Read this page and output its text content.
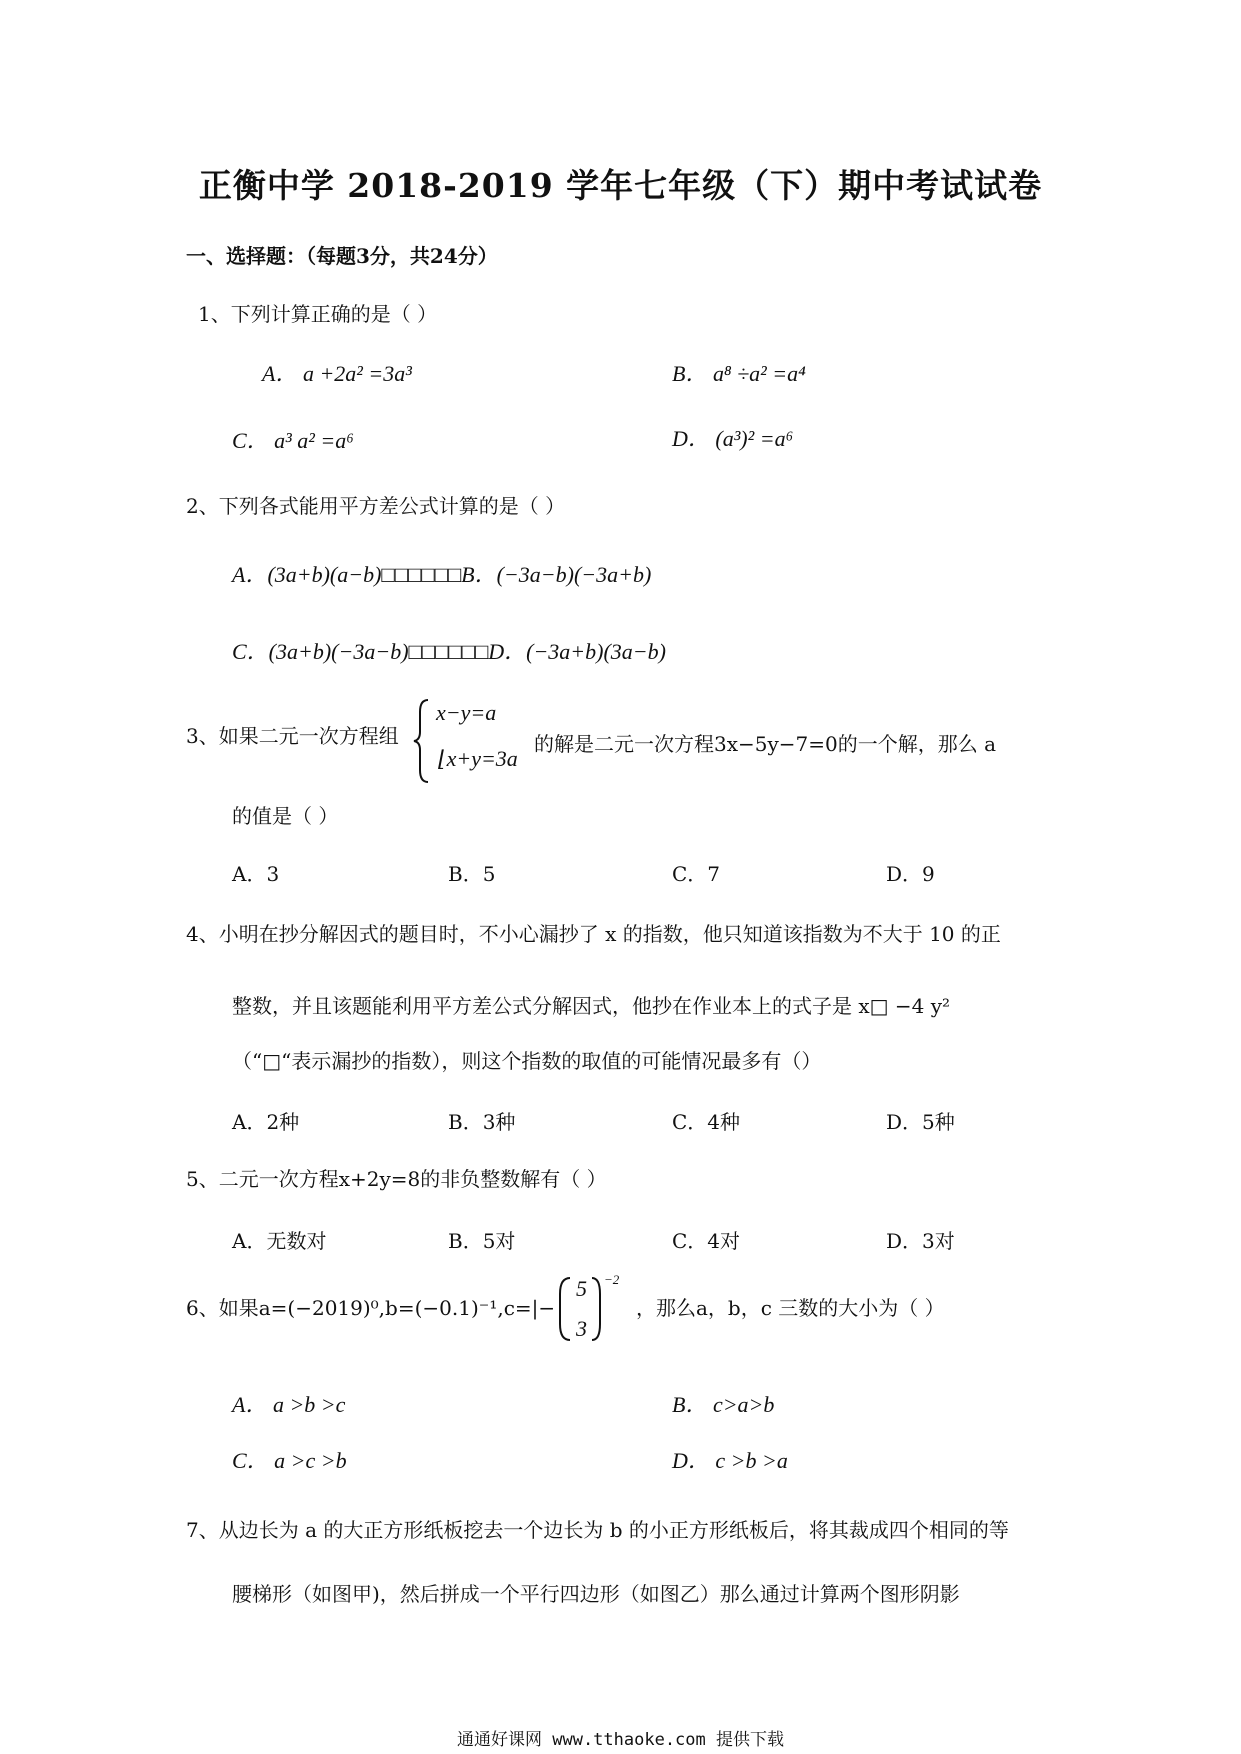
正衡中学 2018-2019 学年七年级（下）期中考试试卷
一、选择题：（每题3分，共24分）
1、下列计算正确的是（ ）
A． a +2a² =3a³	B． a⁸ ÷a² =a⁴
C． a³ a² =a⁶	D． (a³)² =a⁶
2、下列各式能用平方差公式计算的是（ ）
A．(3a+b)(a−b)□□□□□□B．(−3a−b)(−3a+b)
C．(3a+b)(−3a−b)□□□□□□D．(−3a+b)(3a−b)
3、如果二元一次方程组
x−y=a
⌊x+y=3a
的解是二元一次方程3x−5y−7=0的一个解，那么 a
的值是（ ）
A．3	B．5	C．7	D．9
4、小明在抄分解因式的题目时，不小心漏抄了 x 的指数，他只知道该指数为不大于 10 的正
整数，并且该题能利用平方差公式分解因式，他抄在作业本上的式子是 x□ −4 y²
（“□“表示漏抄的指数），则这个指数的取值的可能情况最多有（）
A．2种	B．3种	C．4种	D．5种
5、二元一次方程x+2y=8的非负整数解有（ ）
A．无数对	B．5对	C．4对	D．3对
6、如果a=(−2019)⁰,b=(−0.1)⁻¹,c=|−
5
3
−2
，那么a，b，c 三数的大小为（ ）
A． a >b >c	B． c>a>b
C． a >c >b	D． c >b >a
7、从边长为 a 的大正方形纸板挖去一个边长为 b 的小正方形纸板后，将其裁成四个相同的等
腰梯形（如图甲)，然后拼成一个平行四边形（如图乙）那么通过计算两个图形阴影
通通好课网 www.tthaoke.com 提供下载
